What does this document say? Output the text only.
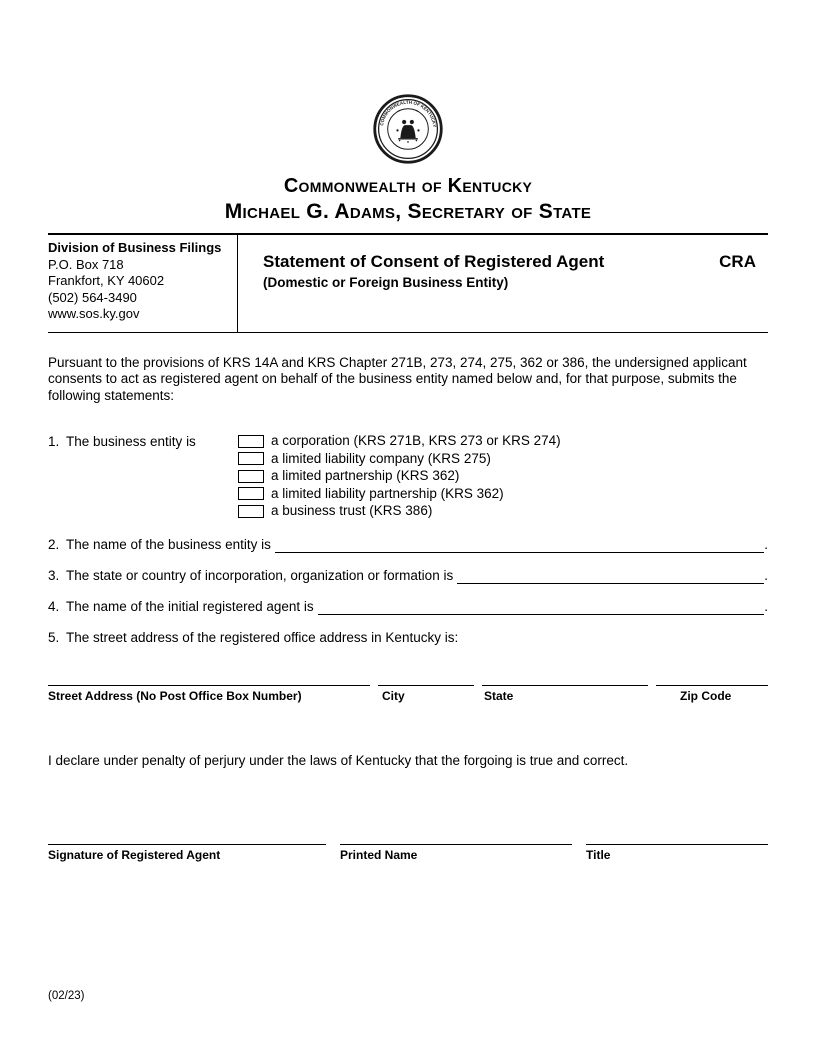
COMMONWEALTH OF KENTUCKY
Commonwealth of Kentucky
Michael G. Adams, Secretary of State
Division of Business Filings
P.O. Box 718
Frankfort, KY 40602
(502) 564-3490
www.sos.ky.gov
Statement of Consent of Registered Agent	CRA
(Domestic or Foreign Business Entity)

Pursuant to the provisions of KRS 14A and KRS Chapter 271B, 273, 274, 275, 362 or 386, the undersigned applicant consents to act as registered agent on behalf of the business entity named below and, for that purpose, submits the following statements:

1. The business entity is	a corporation (KRS 271B, KRS 273 or KRS 274)
a limited liability company (KRS 275)
a limited partnership (KRS 362)
a limited liability partnership (KRS 362)
a business trust (KRS 386)
2. The name of the business entity is	.
3. The state or country of incorporation, organization or formation is	.
4. The name of the initial registered agent is	.
5. The street address of the registered office address in Kentucky is:
Street Address (No Post Office Box Number)	City	State	Zip Code

I declare under penalty of perjury under the laws of Kentucky that the forgoing is true and correct.

Signature of Registered Agent	Printed Name	Title
(02/23)
